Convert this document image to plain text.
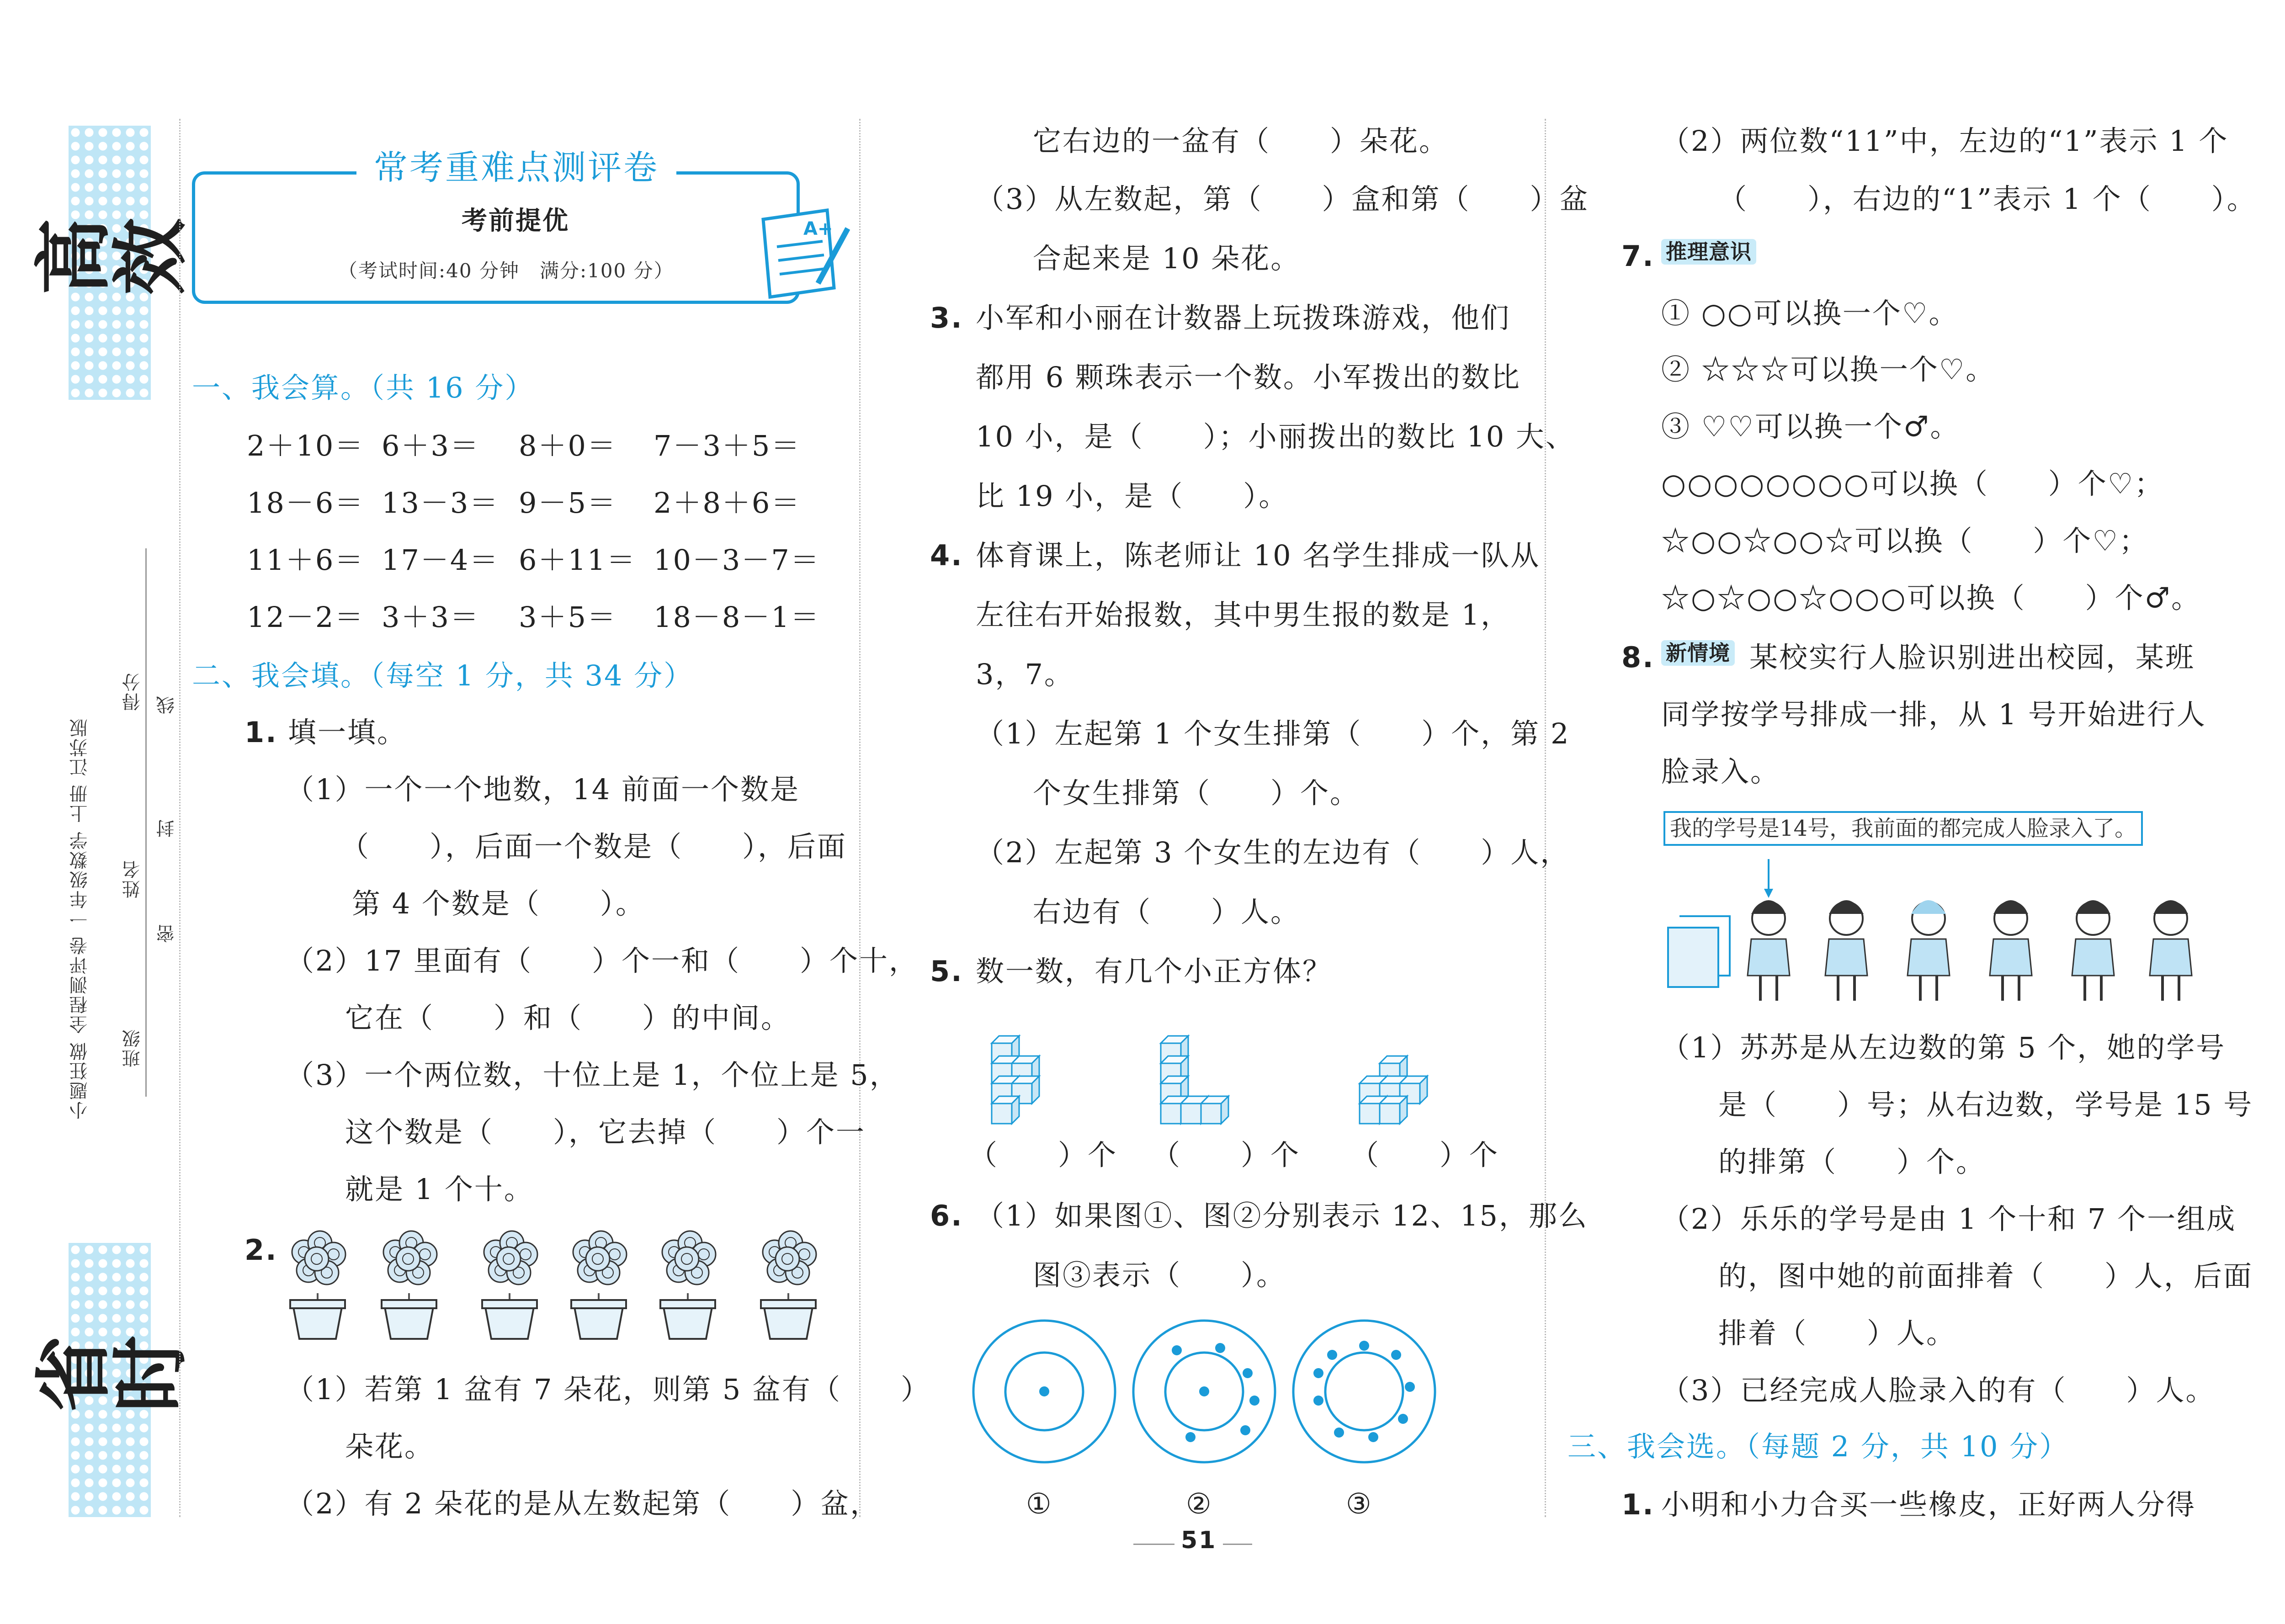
高效
省时
小题狂做 全程测评卷 一年级数学 上册 江苏版 班级
姓名
得分 线
封
密
常考重难点测评卷
考前提优
（考试时间:40 分钟　满分:100 分）
A+
一、我会算。（共 16 分）
二、我会填。（每空 1 分，共 34 分）
1. 填一填。
（1）一个一个地数，14 前面一个数是
（　　），后面一个数是（　　），后面
第 4 个数是（　　）。
（2）17 里面有（　　）个一和（　　）个十，
它在（　　）和（　　）的中间。
（3）一个两位数，十位上是 1，个位上是 5，
这个数是（　　），它去掉（　　）个一
就是 1 个十。
2.
（1）若第 1 盆有 7 朵花，则第 5 盆有（　　）
朵花。
（2）有 2 朵花的是从左数起第（　　）盆，
它右边的一盆有（　　）朵花。
（3）从左数起，第（　　）盒和第（　　）盆
合起来是 10 朵花。
3. 小军和小丽在计数器上玩拨珠游戏，他们
都用 6 颗珠表示一个数。小军拨出的数比
10 小，是（　　）；小丽拨出的数比 10 大、
比 19 小，是（　　）。
4. 体育课上，陈老师让 10 名学生排成一队从
左往右开始报数，其中男生报的数是 1，
3，7。
（1）左起第 1 个女生排第（　　）个，第 2
个女生排第（　　）个。
（2）左起第 3 个女生的左边有（　　）人，
右边有（　　）人。
5. 数一数，有几个小正方体？
（　　）个 （　　）个 （　　）个
6. （1）如果图①、图②分别表示 12、15，那么
图③表示（　　）。
①	②	③
51
（2）两位数“11”中，左边的“1”表示 1 个
（　　），右边的“1”表示 1 个（　　）。
7. 推理意识
① ○○可以换一个♡。
② ☆☆☆可以换一个♡。
③ ♡♡可以换一个♂。
○○○○○○○○可以换（　　）个♡；
☆○○☆○○☆可以换（　　）个♡；
☆○☆○○☆○○○可以换（　　）个♂。
8. 新情境 某校实行人脸识别进出校园，某班
同学按学号排成一排，从 1 号开始进行人
脸录入。
我的学号是14号，我前面的都完成人脸录入了。
（1）苏苏是从左边数的第 5 个，她的学号
是（　　）号；从右边数，学号是 15 号
的排第（　　）个。
（2）乐乐的学号是由 1 个十和 7 个一组成
的，图中她的前面排着（　　）人，后面
排着（　　）人。
（3）已经完成人脸录入的有（　　）人。
三、我会选。（每题 2 分，共 10 分）
1. 小明和小力合买一些橡皮，正好两人分得
2＋10＝ 6＋3＝ 8＋0＝ 7－3＋5＝
18－6＝ 13－3＝ 9－5＝ 2＋8＋6＝
11＋6＝ 17－4＝ 6＋11＝ 10－3－7＝
12－2＝ 3＋3＝ 3＋5＝ 18－8－1＝
